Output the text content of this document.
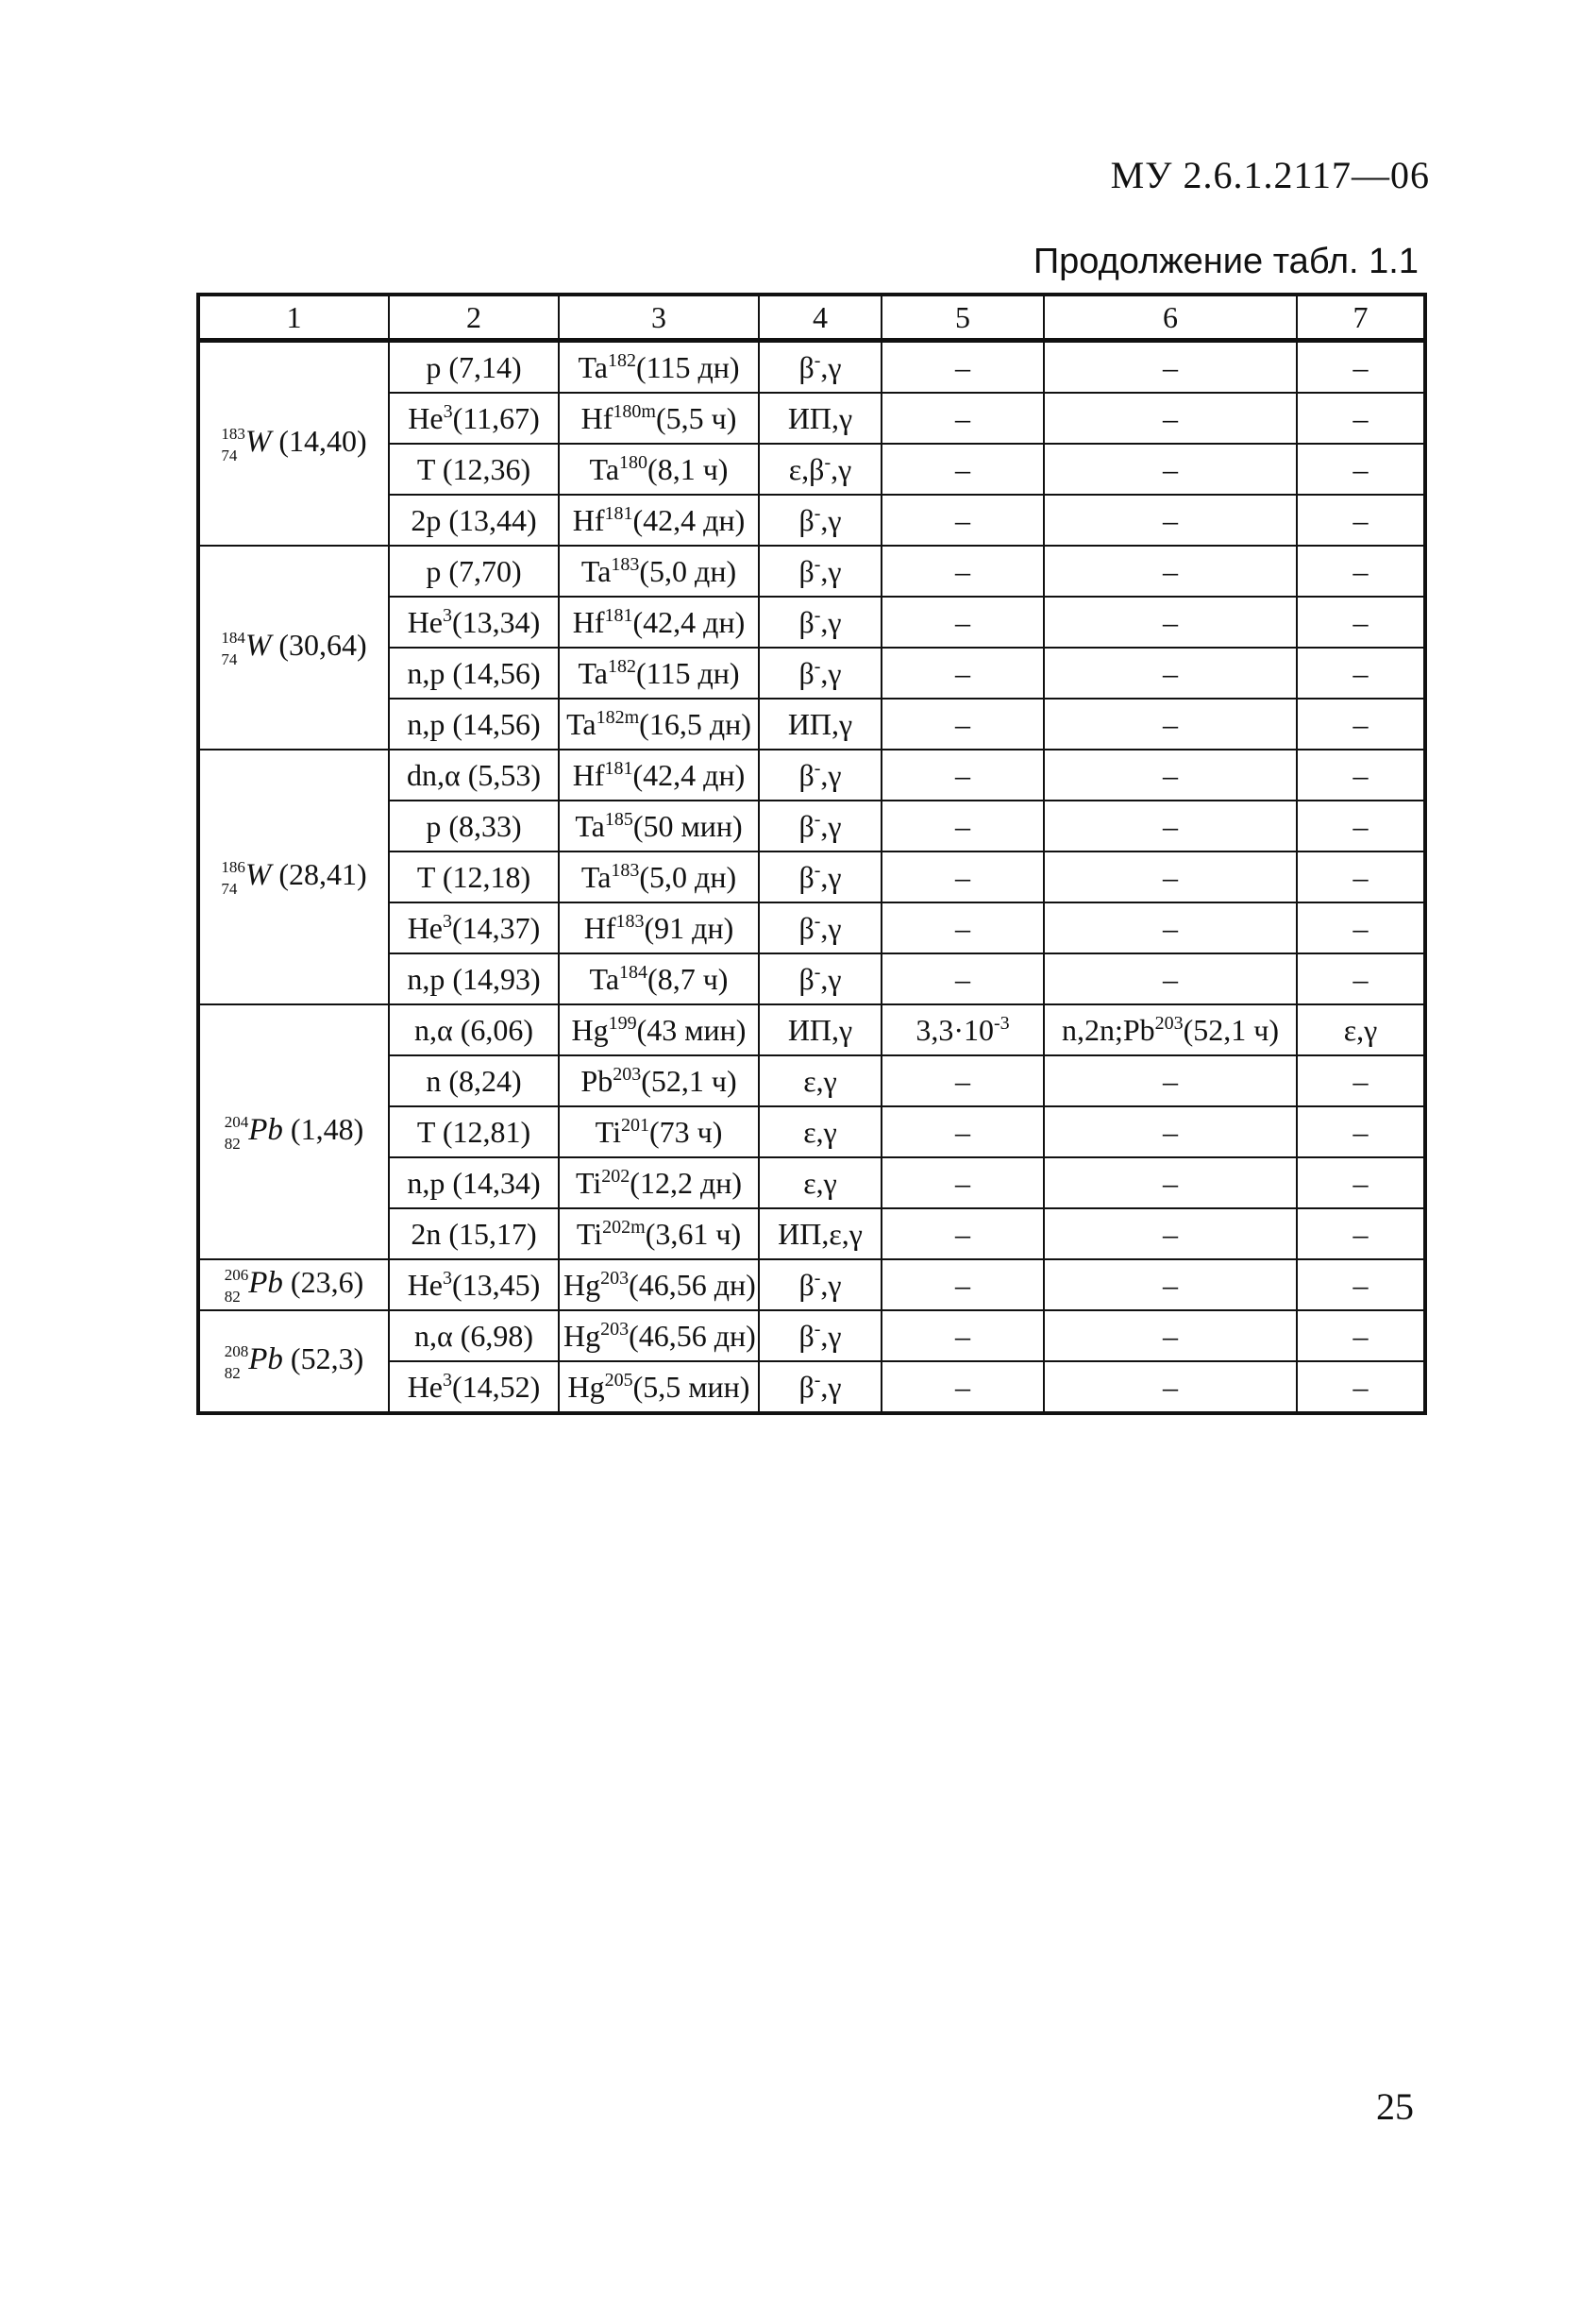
МУ 2.6.1.2117—06
Продолжение табл. 1.1
1	2	3	4	5	6	7

183
74 W (14,40)	p (7,14)	Ta$^{182}$(115 дн)	β-,γ	–	–	–
	He$^3$(11,67)	$Hf^{180m}(5,5$ ч)	ИП,γ	–	–	–
	T (12,36)	Ta$^{180}$(8,1 ч)	ε,β-,γ	–	–	–
	2p (13,44)	Hf$^{181}$(42,4 дн)	β-,γ	–	–	–

184
74 W (30,64)	p (7,70)	Ta$^{183}$(5,0 дн)	β-,γ	–	–	–
	He$^3$(13,34)	Hf$^{181}$(42,4 дн)	β-,γ	–	–	–
	n,p (14,56)	Ta$^{182}$(115 дн)	β-,γ	–	–	–
	n,p (14,56)	$Ta^{182m}(16,5$ дн)	ИП,γ	–	–	–

186
74 W (28,41)	dn,α (5,53)	Hf$^{181}$(42,4 дн)	β-,γ	–	–	–
	p (8,33)	Ta$^{185}$(50 мин)	β-,γ	–	–	–
	T (12,18)	Ta$^{183}$(5,0 дн)	β-,γ	–	–	–
	He$^3$(14,37)	Hf$^{183}$(91 дн)	β-,γ	–	–	–
	n,p (14,93)	Ta$^{184}$(8,7 ч)	β-,γ	–	–	–

204
82 Pb (1,48)	n,α (6,06)	Hg$^{199}$(43 мин)	ИП,γ	$3,3\cdot 10^{-3}$	n,2n;Pb$^{203}$(52,1 ч)	ε,γ
	n (8,24)	Pb$^{203}$(52,1 ч)	ε,γ	–	–	–
	T (12,81)	Ti$^{201}$(73 ч)	ε,γ	–	–	–
	n,p (14,34)	Ti$^{202}$(12,2 дн)	ε,γ	–	–	–
	2n (15,17)	$Ti^{202m}(3,61$ ч)	ИП,ε,γ	–	–	–

206
82 Pb (23,6)	He$^3$(13,45)	Hg$^{203}$(46,56 дн)	β-,γ	–	–	–

208
82 Pb (52,3)	n,α (6,98)	Hg$^{203}$(46,56 дн)	β-,γ	–	–	–
	He$^3$(14,52)	Hg$^{205}$(5,5 мин)	β-,γ	–	–	–
25
